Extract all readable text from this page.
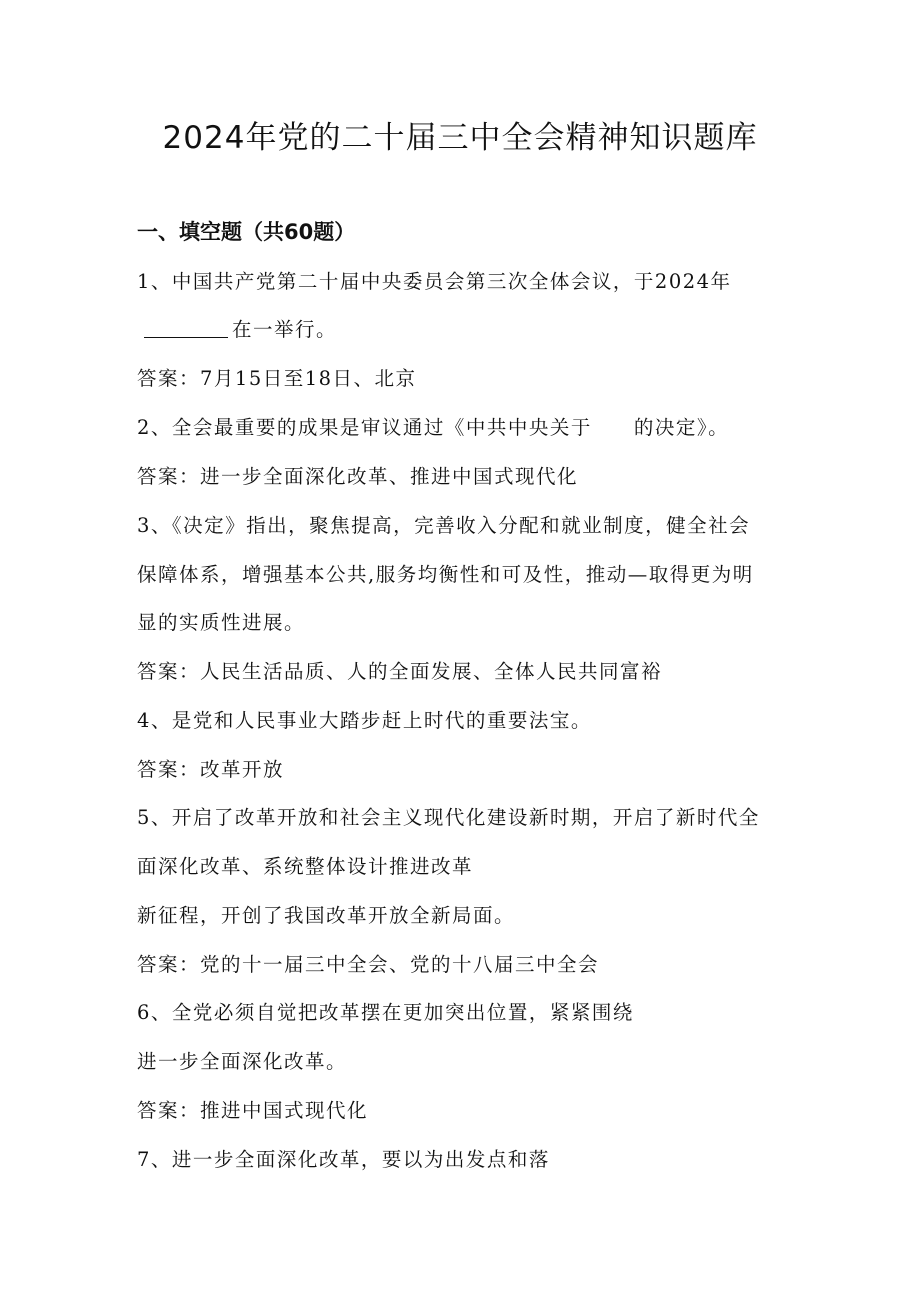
2024年党的二十届三中全会精神知识题库
一、填空题（共60题）
1、中国共产党第二十届中央委员会第三次全体会议，于2024年
在一举行。
答案：7月15日至18日、北京
2、全会最重要的成果是审议通过《中共中央关于　　的决定》。
答案：进一步全面深化改革、推进中国式现代化
3、《决定》指出，聚焦提高，完善收入分配和就业制度，健全社会
保障体系，增强基本公共,服务均衡性和可及性，推动—取得更为明
显的实质性进展。
答案：人民生活品质、人的全面发展、全体人民共同富裕
4、是党和人民事业大踏步赶上时代的重要法宝。
答案：改革开放
5、开启了改革开放和社会主义现代化建设新时期，开启了新时代全
面深化改革、系统整体设计推进改革
新征程，开创了我国改革开放全新局面。
答案：党的十一届三中全会、党的十八届三中全会
6、全党必须自觉把改革摆在更加突出位置，紧紧围绕
进一步全面深化改革。
答案：推进中国式现代化
7、进一步全面深化改革，要以为出发点和落
